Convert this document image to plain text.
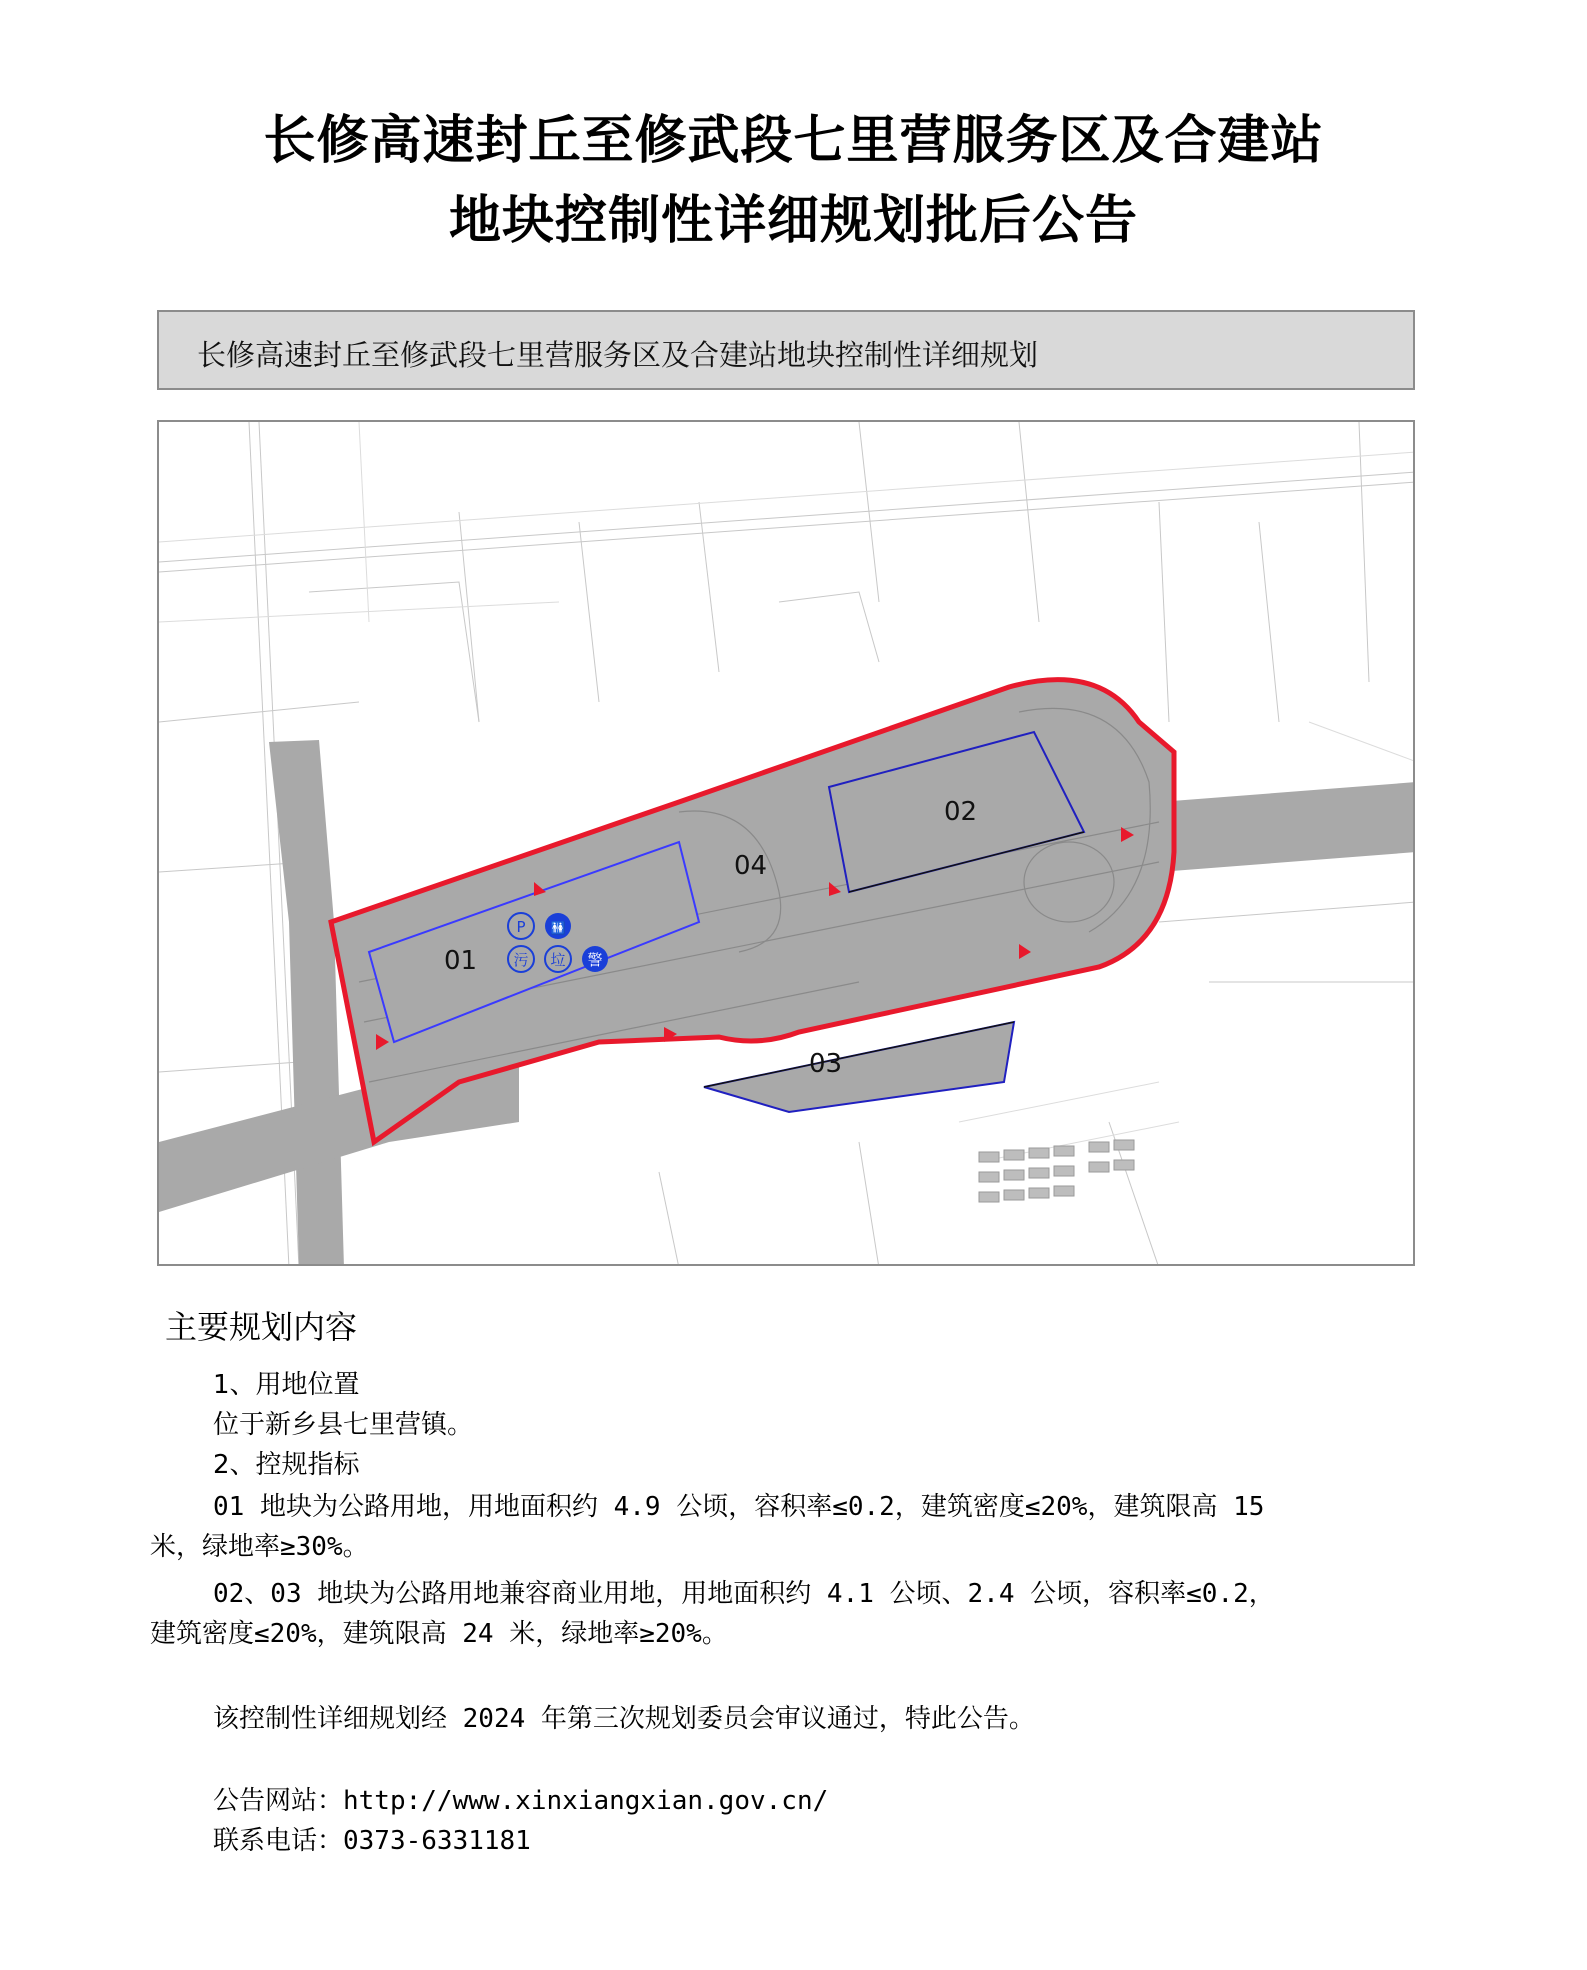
长修高速封丘至修武段七里营服务区及合建站
地块控制性详细规划批后公告
长修高速封丘至修武段七里营服务区及合建站地块控制性详细规划
01
02
03
04
P 🚻
污 垃 警
主要规划内容
1、用地位置
位于新乡县七里营镇。
2、控规指标
01 地块为公路用地，用地面积约 4.9 公顷，容积率≤0.2，建筑密度≤20%，建筑限高 15
米，绿地率≥30%。
02、03 地块为公路用地兼容商业用地，用地面积约 4.1 公顷、2.4 公顷，容积率≤0.2，
建筑密度≤20%，建筑限高 24 米，绿地率≥20%。
该控制性详细规划经 2024 年第三次规划委员会审议通过，特此公告。
公告网站：http://www.xinxiangxian.gov.cn/
联系电话：0373-6331181
